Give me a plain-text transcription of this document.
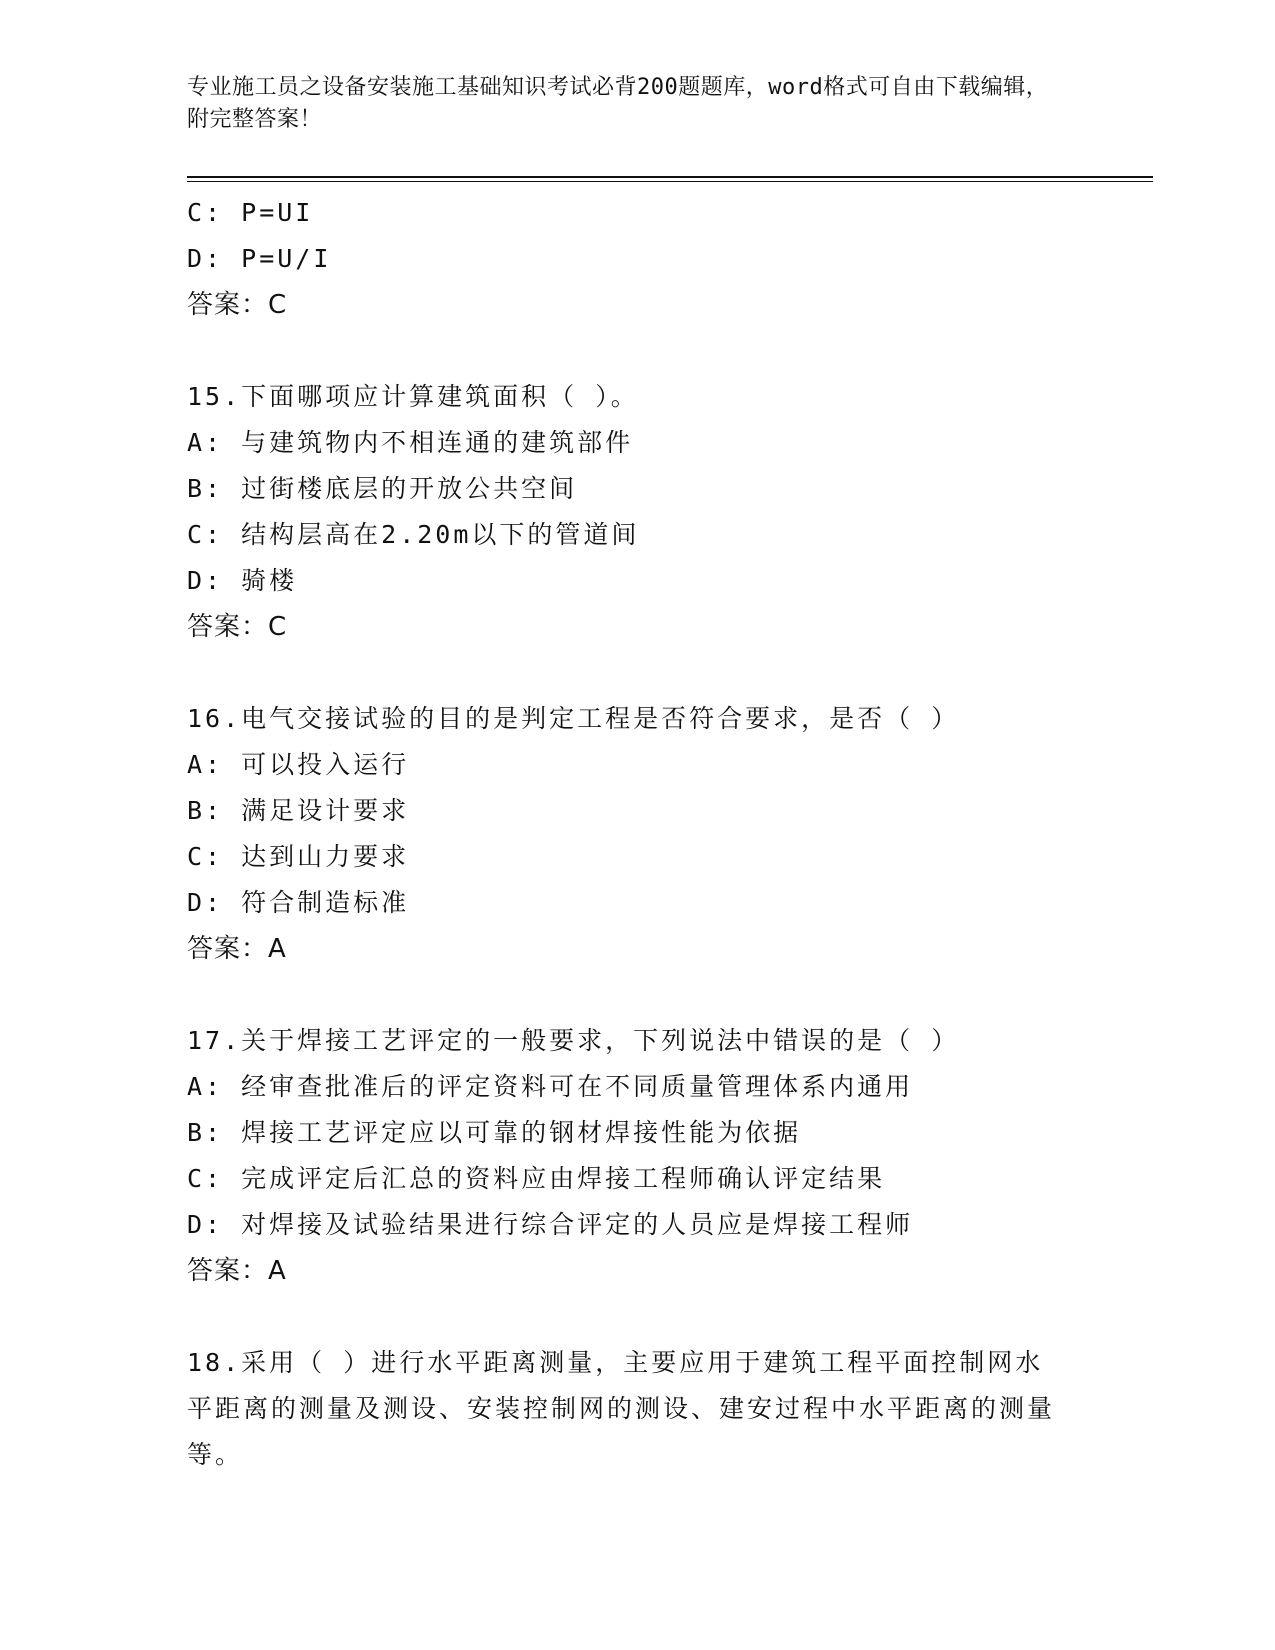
专业施工员之设备安装施工基础知识考试必背200题题库，word格式可自由下载编辑，附完整答案！
C: P=UI
D: P=U/I
答案：C
15.下面哪项应计算建筑面积（ ）。
A: 与建筑物内不相连通的建筑部件
B: 过街楼底层的开放公共空间
C: 结构层高在2.20m以下的管道间
D: 骑楼
答案：C
16.电气交接试验的目的是判定工程是否符合要求，是否（ ）
A: 可以投入运行
B: 满足设计要求
C: 达到山力要求
D: 符合制造标准
答案：A
17.关于焊接工艺评定的一般要求，下列说法中错误的是（ ）
A: 经审查批准后的评定资料可在不同质量管理体系内通用
B: 焊接工艺评定应以可靠的钢材焊接性能为依据
C: 完成评定后汇总的资料应由焊接工程师确认评定结果
D: 对焊接及试验结果进行综合评定的人员应是焊接工程师
答案：A
18.采用（ ）进行水平距离测量，主要应用于建筑工程平面控制网水平距离的测量及测设、安装控制网的测设、建安过程中水平距离的测量等。
